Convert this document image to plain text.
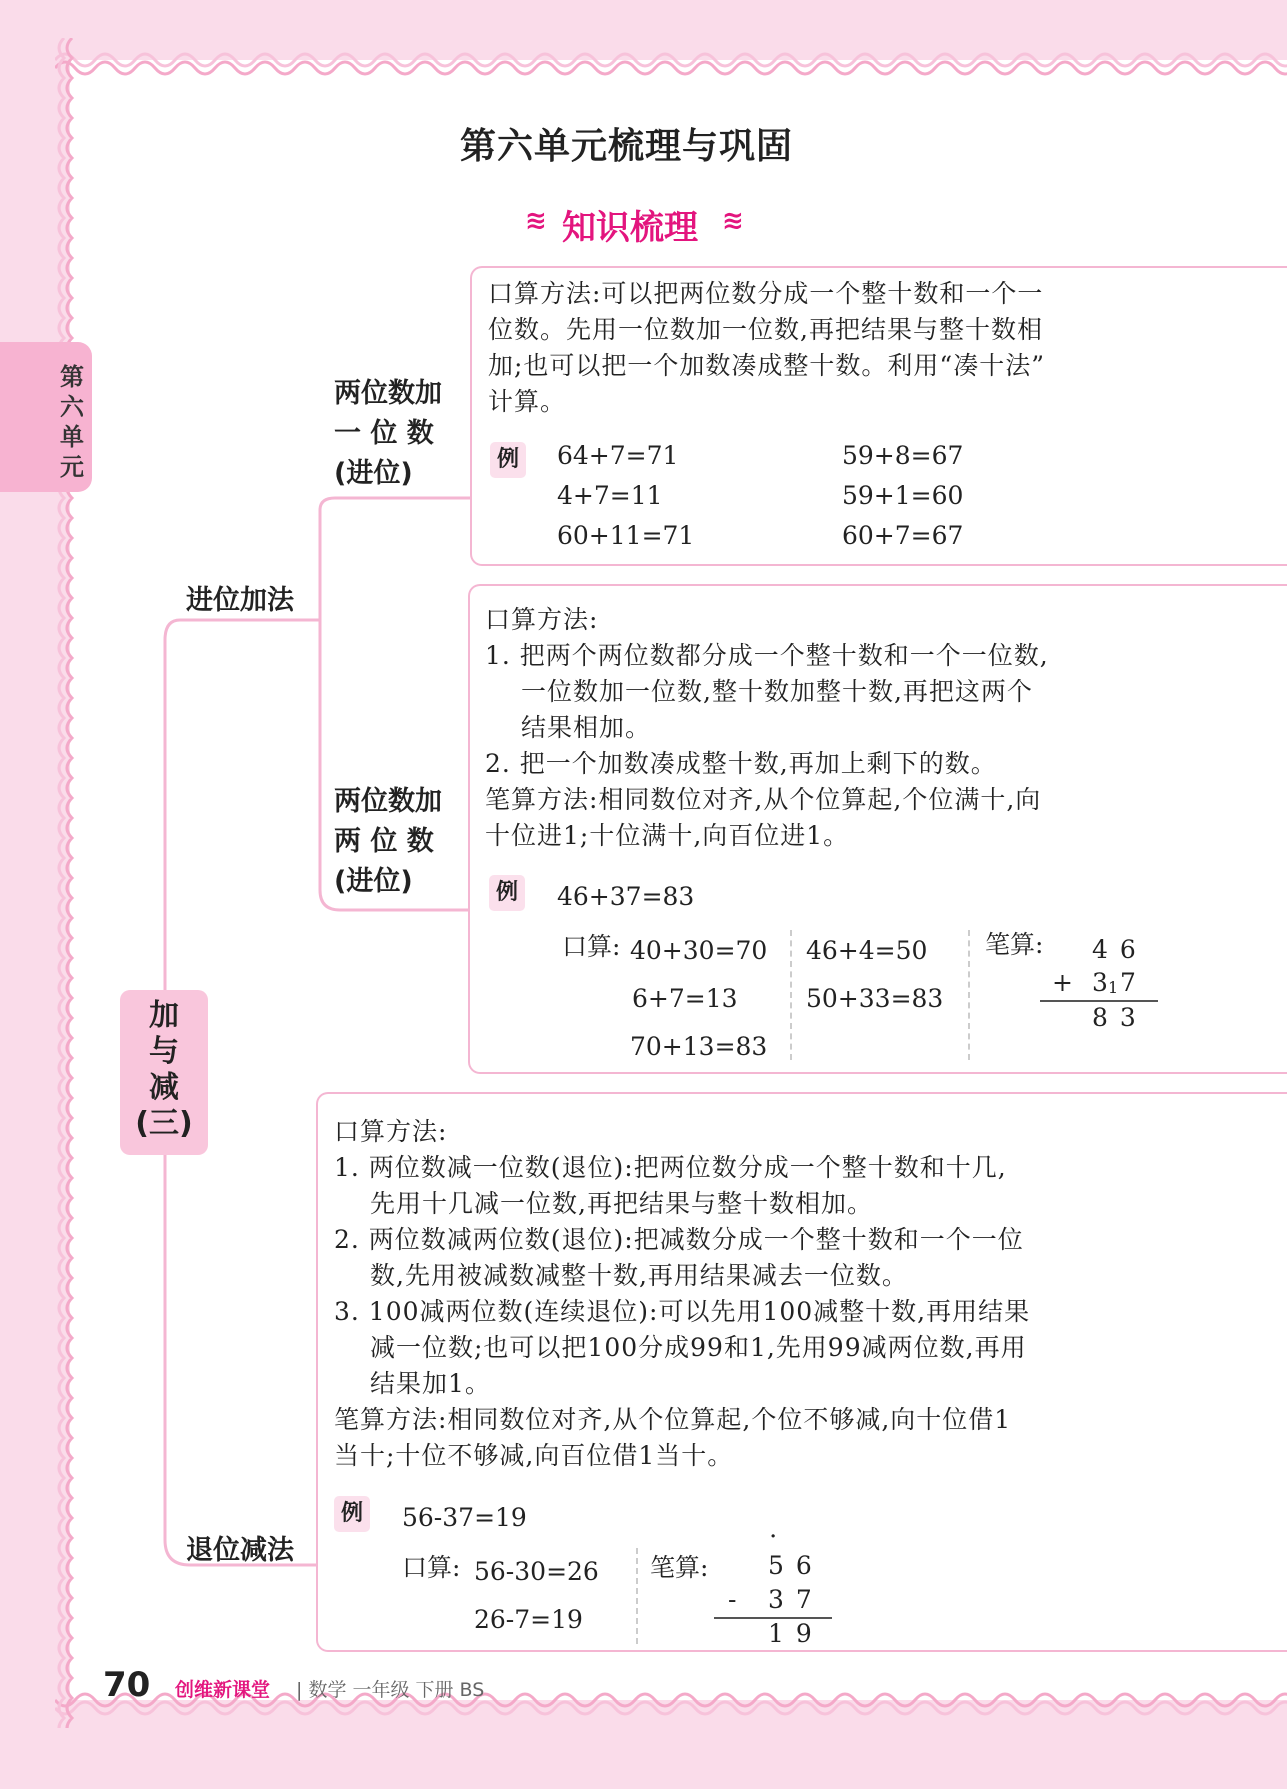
第六单元梳理与巩固
≋ 知识梳理 ≋
第
六
单
元
加
与
减
(三)
进位加法
退位减法
两位数加
一 位 数
(进位)
口算方法:可以把两位数分成一个整十数和一个一
位数。先用一位数加一位数,再把结果与整十数相
加;也可以把一个加数凑成整十数。利用“凑十法”
计算。
例 64+7=71
4+7=11
60+11=71
59+8=67
59+1=60
60+7=67
两位数加
两 位 数
(进位)
口算方法:
1. 把两个两位数都分成一个整十数和一个一位数,
一位数加一位数,整十数加整十数,再把这两个
结果相加。
2. 把一个加数凑成整十数,再加上剩下的数。
笔算方法:相同数位对齐,从个位算起,个位满十,向
十位进1;十位满十,向百位进1。
例 46+37=83
口算: 40+30=70
6+7=13
70+13=83
46+4=50
50+33=83
笔算: 4 6
+ 3 1 7
8 3
口算方法:
1. 两位数减一位数(退位):把两位数分成一个整十数和十几,
先用十几减一位数,再把结果与整十数相加。
2. 两位数减两位数(退位):把减数分成一个整十数和一个一位
数,先用被减数减整十数,再用结果减去一位数。
3. 100减两位数(连续退位):可以先用100减整十数,再用结果
减一位数;也可以把100分成99和1,先用99减两位数,再用
结果加1。
笔算方法:相同数位对齐,从个位算起,个位不够减,向十位借1
当十;十位不够减,向百位借1当十。
例 56-37=19
口算: 56-30=26
26-7=19
笔算:
·
5 6
- 3 7
1 9
70 创维新课堂 | 数学 一年级 下册 BS
